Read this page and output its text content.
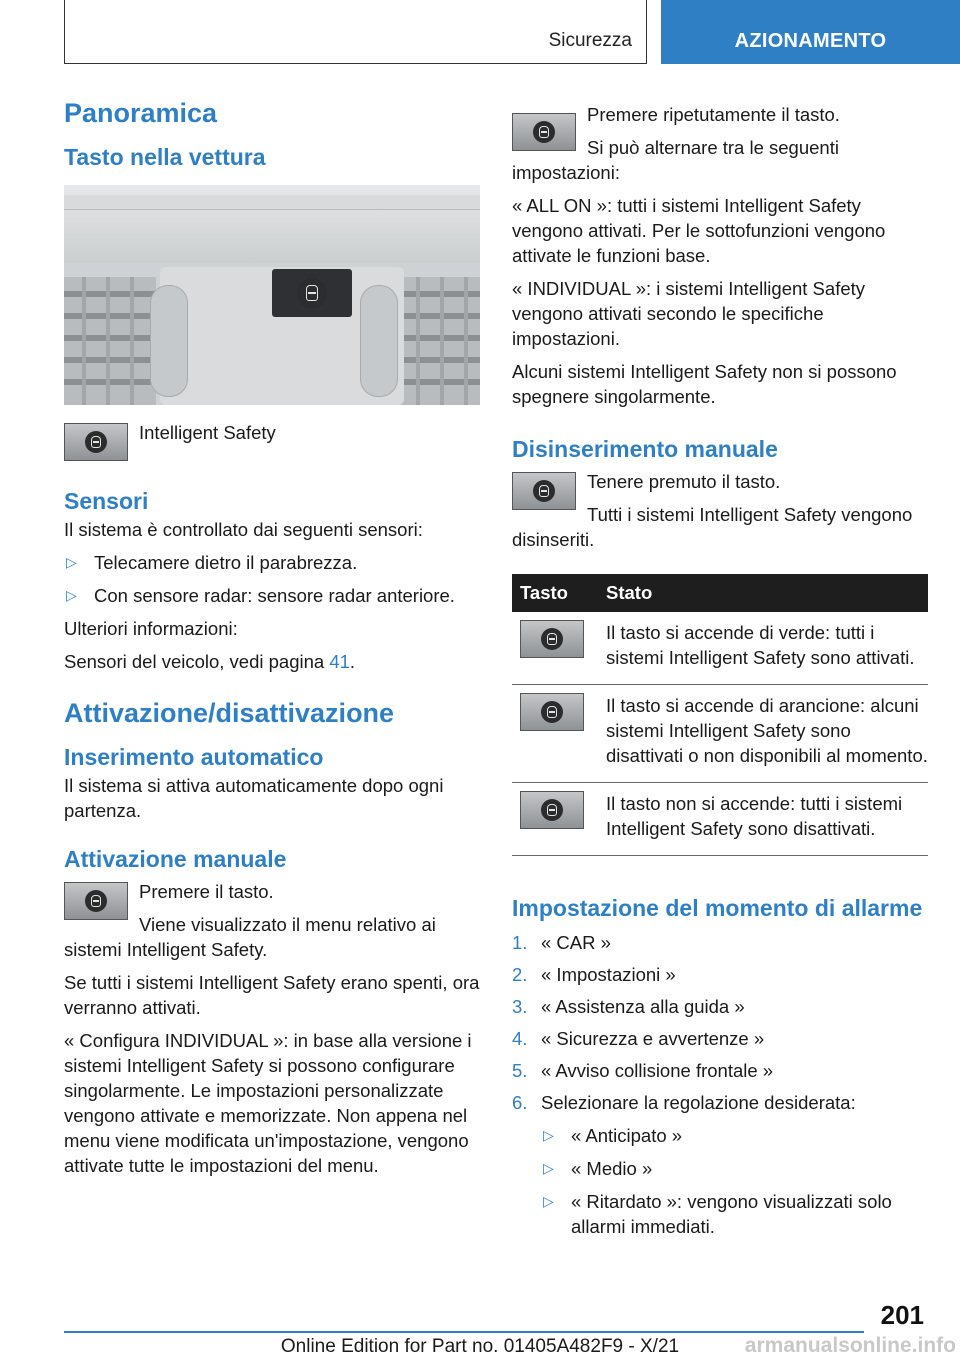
Sicurezza	AZIONAMENTO
Panoramica
Tasto nella vettura

Intelligent Safety

Sensori

Il sistema è controllato dai seguenti sensori:

▷ Telecamere dietro il parabrezza.
▷ Con sensore radar: sensore radar anteriore.

Ulteriori informazioni:

Sensori del veicolo, vedi pagina 41.

Attivazione/disattivazione
Inserimento automatico

Il sistema si attiva automaticamente dopo ogni partenza.

Attivazione manuale

Premere il tasto.

Viene visualizzato il menu relativo ai sistemi Intelligent Safety.

Se tutti i sistemi Intelligent Safety erano spenti, ora verranno attivati.

« Configura INDIVIDUAL »: in base alla versione i sistemi Intelligent Safety si possono configurare singolarmente. Le impostazioni personalizzate vengono attivate e memorizzate. Non appena nel menu viene modificata un'impostazione, vengono attivate tutte le impostazioni del menu.

Premere ripetutamente il tasto.

Si può alternare tra le seguenti impostazioni:

« ALL ON »: tutti i sistemi Intelligent Safety vengono attivati. Per le sottofunzioni vengono attivate le funzioni base.

« INDIVIDUAL »: i sistemi Intelligent Safety vengono attivati secondo le specifiche impostazioni.

Alcuni sistemi Intelligent Safety non si possono spegnere singolarmente.

Disinserimento manuale

Tenere premuto il tasto.

Tutti i sistemi Intelligent Safety vengono disinseriti.

Tasto	Stato

	Il tasto si accende di verde: tutti i sistemi Intelligent Safety sono attivati.

	Il tasto si accende di arancione: alcuni sistemi Intelligent Safety sono disattivati o non disponibili al momento.

	Il tasto non si accende: tutti i sistemi Intelligent Safety sono disattivati.
Impostazione del momento di allarme
1. « CAR »
2. « Impostazioni »
3. « Assistenza alla guida »
4. « Sicurezza e avvertenze »
5. « Avviso collisione frontale »
6. Selezionare la regolazione desiderata:
▷ « Anticipato »
▷ « Medio »
▷ « Ritardato »: vengono visualizzati solo allarmi immediati.
201
Online Edition for Part no. 01405A482F9 - X/21	armanualsonline.info
